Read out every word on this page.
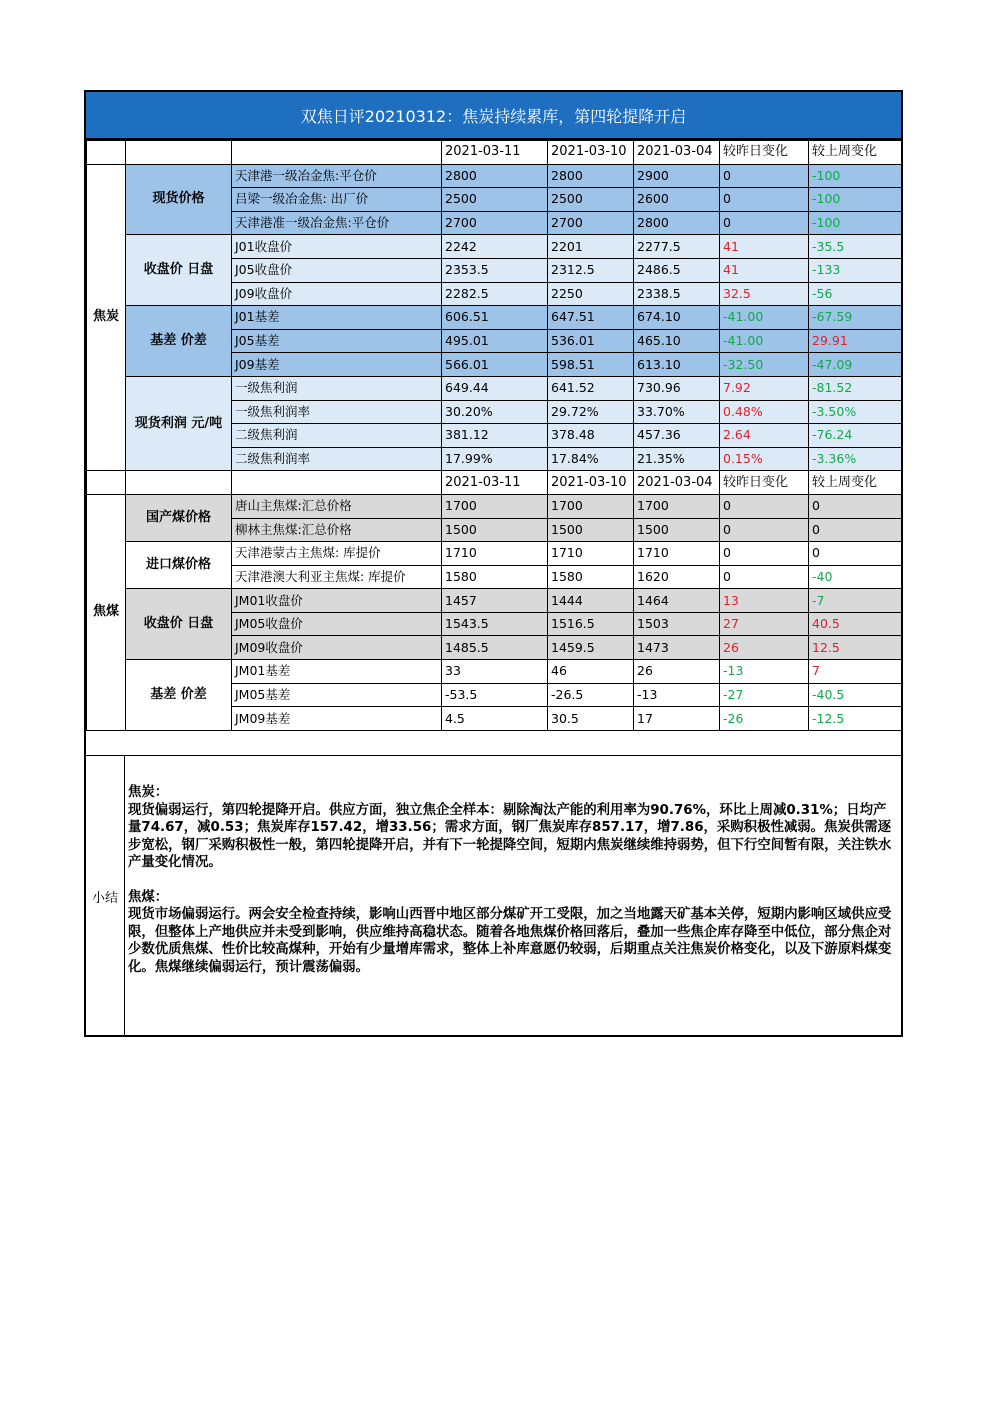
双焦日评20210312：焦炭持续累库，第四轮提降开启
			2021-03-11	2021-03-10	2021-03-04	较昨日变化	较上周变化
焦炭	现货价格	天津港一级冶金焦:平仓价	2800	2800	2900	0	-100
		吕梁一级冶金焦: 出厂价	2500	2500	2600	0	-100
		天津港准一级冶金焦:平仓价	2700	2700	2800	0	-100
	收盘价 日盘	J01收盘价	2242	2201	2277.5	41	-35.5
		J05收盘价	2353.5	2312.5	2486.5	41	-133
		J09收盘价	2282.5	2250	2338.5	32.5	-56
	基差 价差	J01基差	606.51	647.51	674.10	-41.00	-67.59
		J05基差	495.01	536.01	465.10	-41.00	29.91
		J09基差	566.01	598.51	613.10	-32.50	-47.09
	现货利润 元/吨	一级焦利润	649.44	641.52	730.96	7.92	-81.52
		一级焦利润率	30.20%	29.72%	33.70%	0.48%	-3.50%
		二级焦利润	381.12	378.48	457.36	2.64	-76.24
		二级焦利润率	17.99%	17.84%	21.35%	0.15%	-3.36%
			2021-03-11	2021-03-10	2021-03-04	较昨日变化	较上周变化
焦煤	国产煤价格	唐山主焦煤:汇总价格	1700	1700	1700	0	0
		柳林主焦煤:汇总价格	1500	1500	1500	0	0
	进口煤价格	天津港蒙古主焦煤: 库提价	1710	1710	1710	0	0
		天津港澳大利亚主焦煤: 库提价	1580	1580	1620	0	-40
	收盘价 日盘	JM01收盘价	1457	1444	1464	13	-7
		JM05收盘价	1543.5	1516.5	1503	27	40.5
		JM09收盘价	1485.5	1459.5	1473	26	12.5
	基差 价差	JM01基差	33	46	26	-13	7
		JM05基差	-53.5	-26.5	-13	-27	-40.5
		JM09基差	4.5	30.5	17	-26	-12.5
小结

焦炭：

现货偏弱运行，第四轮提降开启。供应方面，独立焦企全样本：剔除淘汰产能的利用率为90.76%，环比上周减0.31%；日均产量74.67，减0.53；焦炭库存157.42，增33.56；需求方面，钢厂焦炭库存857.17，增7.86，采购积极性减弱。焦炭供需逐步宽松，钢厂采购积极性一般，第四轮提降开启，并有下一轮提降空间，短期内焦炭继续维持弱势，但下行空间暂有限，关注铁水产量变化情况。

焦煤：

现货市场偏弱运行。两会安全检查持续，影响山西晋中地区部分煤矿开工受限，加之当地露天矿基本关停，短期内影响区域供应受限，但整体上产地供应并未受到影响，供应维持高稳状态。随着各地焦煤价格回落后，叠加一些焦企库存降至中低位，部分焦企对少数优质焦煤、性价比较高煤种，开始有少量增库需求，整体上补库意愿仍较弱，后期重点关注焦炭价格变化，以及下游原料煤变化。焦煤继续偏弱运行，预计震荡偏弱。
